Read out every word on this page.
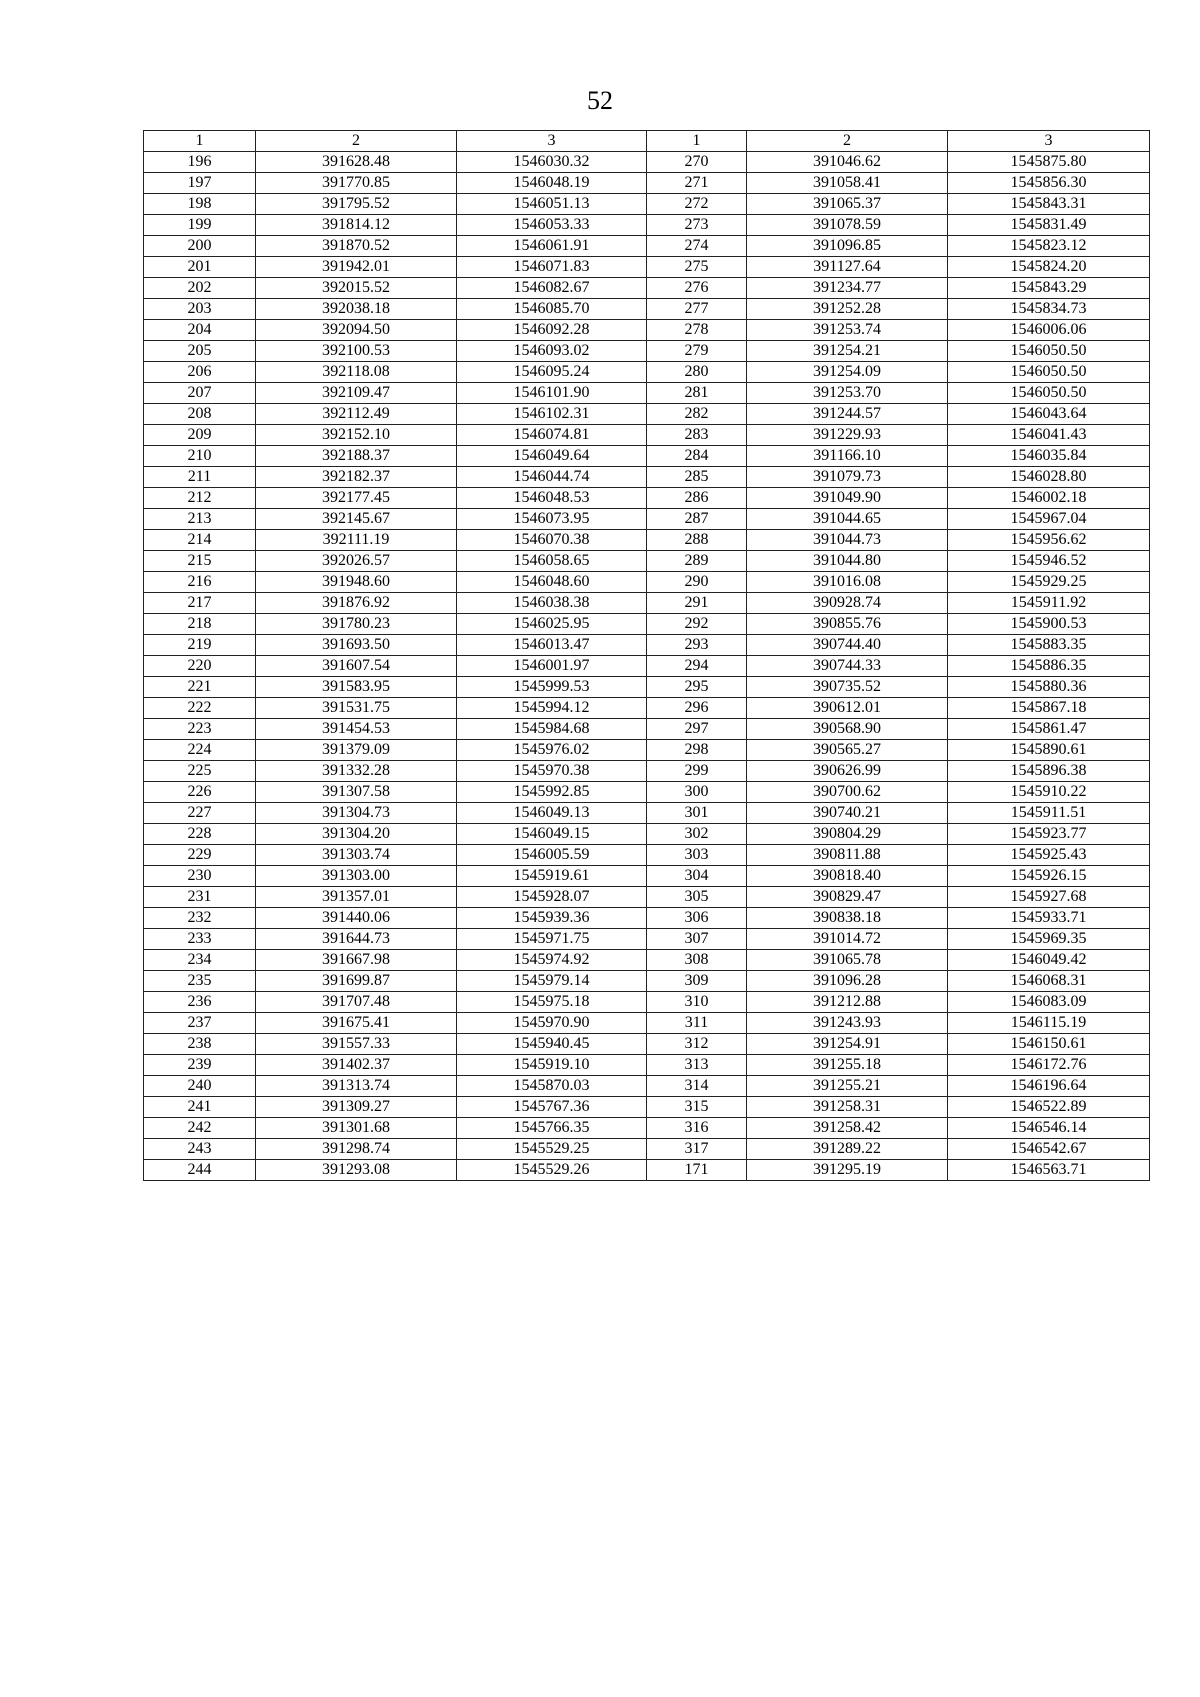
52
1	2	3	1	2	3
196	391628.48	1546030.32	270	391046.62	1545875.80
197	391770.85	1546048.19	271	391058.41	1545856.30
198	391795.52	1546051.13	272	391065.37	1545843.31
199	391814.12	1546053.33	273	391078.59	1545831.49
200	391870.52	1546061.91	274	391096.85	1545823.12
201	391942.01	1546071.83	275	391127.64	1545824.20
202	392015.52	1546082.67	276	391234.77	1545843.29
203	392038.18	1546085.70	277	391252.28	1545834.73
204	392094.50	1546092.28	278	391253.74	1546006.06
205	392100.53	1546093.02	279	391254.21	1546050.50
206	392118.08	1546095.24	280	391254.09	1546050.50
207	392109.47	1546101.90	281	391253.70	1546050.50
208	392112.49	1546102.31	282	391244.57	1546043.64
209	392152.10	1546074.81	283	391229.93	1546041.43
210	392188.37	1546049.64	284	391166.10	1546035.84
211	392182.37	1546044.74	285	391079.73	1546028.80
212	392177.45	1546048.53	286	391049.90	1546002.18
213	392145.67	1546073.95	287	391044.65	1545967.04
214	392111.19	1546070.38	288	391044.73	1545956.62
215	392026.57	1546058.65	289	391044.80	1545946.52
216	391948.60	1546048.60	290	391016.08	1545929.25
217	391876.92	1546038.38	291	390928.74	1545911.92
218	391780.23	1546025.95	292	390855.76	1545900.53
219	391693.50	1546013.47	293	390744.40	1545883.35
220	391607.54	1546001.97	294	390744.33	1545886.35
221	391583.95	1545999.53	295	390735.52	1545880.36
222	391531.75	1545994.12	296	390612.01	1545867.18
223	391454.53	1545984.68	297	390568.90	1545861.47
224	391379.09	1545976.02	298	390565.27	1545890.61
225	391332.28	1545970.38	299	390626.99	1545896.38
226	391307.58	1545992.85	300	390700.62	1545910.22
227	391304.73	1546049.13	301	390740.21	1545911.51
228	391304.20	1546049.15	302	390804.29	1545923.77
229	391303.74	1546005.59	303	390811.88	1545925.43
230	391303.00	1545919.61	304	390818.40	1545926.15
231	391357.01	1545928.07	305	390829.47	1545927.68
232	391440.06	1545939.36	306	390838.18	1545933.71
233	391644.73	1545971.75	307	391014.72	1545969.35
234	391667.98	1545974.92	308	391065.78	1546049.42
235	391699.87	1545979.14	309	391096.28	1546068.31
236	391707.48	1545975.18	310	391212.88	1546083.09
237	391675.41	1545970.90	311	391243.93	1546115.19
238	391557.33	1545940.45	312	391254.91	1546150.61
239	391402.37	1545919.10	313	391255.18	1546172.76
240	391313.74	1545870.03	314	391255.21	1546196.64
241	391309.27	1545767.36	315	391258.31	1546522.89
242	391301.68	1545766.35	316	391258.42	1546546.14
243	391298.74	1545529.25	317	391289.22	1546542.67
244	391293.08	1545529.26	171	391295.19	1546563.71
